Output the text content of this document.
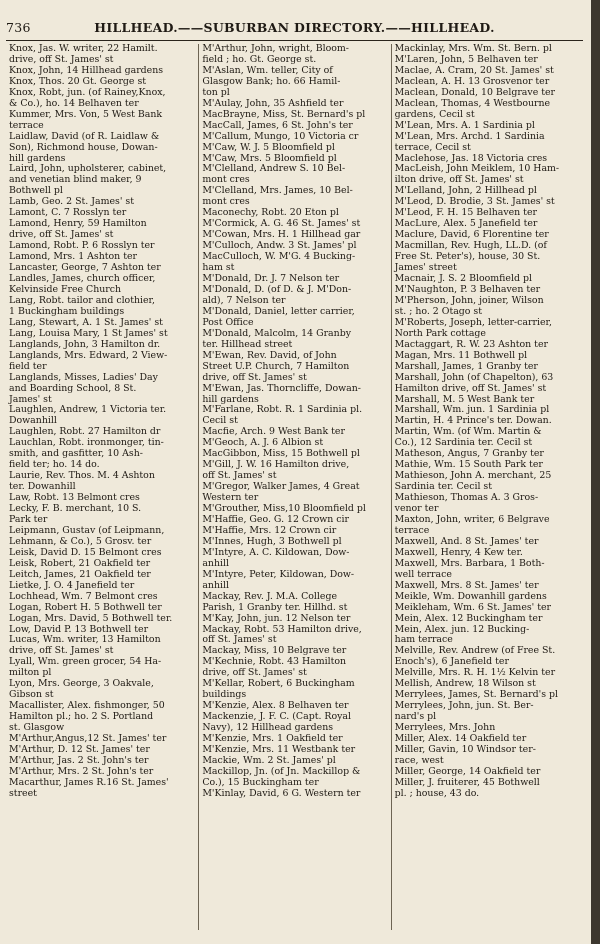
736	HILLHEAD.——SUBURBAN DIRECTORY.——HILLHEAD.
Knox, Jas. W. writer, 22 Hamilt.
drive, off St. James' st
Knox, John, 14 Hillhead gardens
Knox, Thos. 20 Gt. George st
Knox, Robt, jun. (of Rainey,Knox,
& Co.), ho. 14 Belhaven ter
Kummer, Mrs. Von, 5 West Bank
terrace
Laidlaw, David (of R. Laidlaw &
Son), Richmond house, Dowan-
hill gardens
Laird, John, upholsterer, cabinet,
and venetian blind maker, 9
Bothwell pl
Lamb, Geo. 2 St. James' st
Lamont, C. 7 Rosslyn ter
Lamond, Henry, 59 Hamilton
drive, off St. James' st
Lamond, Robt. P. 6 Rosslyn ter
Lamond, Mrs. 1 Ashton ter
Lancaster, George, 7 Ashton ter
Landles, James, church officer,
Kelvinside Free Church
Lang, Robt. tailor and clothier,
1 Buckingham buildings
Lang, Stewart, A. 1 St. James' st
Lang, Louisa Mary, 1 St James' st
Langlands, John, 3 Hamilton dr.
Langlands, Mrs. Edward, 2 View-
field ter
Langlands, Misses, Ladies' Day
and Boarding School, 8 St.
James' st
Laughlen, Andrew, 1 Victoria ter.
Dowanhill
Laughlen, Robt. 27 Hamilton dr
Lauchlan, Robt. ironmonger, tin-
smith, and gasfitter, 10 Ash-
field ter; ho. 14 do.
Laurie, Rev. Thos. M. 4 Ashton
ter. Dowanhill
Law, Robt. 13 Belmont cres
Lecky, F. B. merchant, 10 S.
Park ter
Leipmann, Gustav (of Leipmann,
Lehmann, & Co.), 5 Grosv. ter
Leisk, David D. 15 Belmont cres
Leisk, Robert, 21 Oakfield ter
Leitch, James, 21 Oakfield ter
Lietke, J. O. 4 Janefield ter
Lochhead, Wm. 7 Belmont cres
Logan, Robert H. 5 Bothwell ter
Logan, Mrs. David, 5 Bothwell ter.
Low, David P. 13 Bothwell ter
Lucas, Wm. writer, 13 Hamilton
drive, off St. James' st
Lyall, Wm. green grocer, 54 Ha-
milton pl
Lyon, Mrs. George, 3 Oakvale,
Gibson st
Macallister, Alex. fishmonger, 50
Hamilton pl.; ho. 2 S. Portland
st. Glasgow
M'Arthur,Angus,12 St. James' ter
M'Arthur, D. 12 St. James' ter
M'Arthur, Jas. 2 St. John's ter
M'Arthur, Mrs. 2 St. John's ter
Macarthur, James R.16 St. James'
street
M'Arthur, John, wright, Bloom-
field ; ho. Gt. George st.
M'Aslan, Wm. teller, City of
Glasgow Bank; ho. 66 Hamil-
ton pl
M'Aulay, John, 35 Ashfield ter
MacBrayne, Miss, St. Bernard's pl
MacCall, James, 6 St. John's ter
M'Callum, Mungo, 10 Victoria cr
M'Caw, W. J. 5 Bloomfield pl
M'Caw, Mrs. 5 Bloomfield pl
M'Clelland, Andrew S. 10 Bel-
mont cres
M'Clelland, Mrs. James, 10 Bel-
mont cres
Maconechy, Robt. 20 Eton pl
M'Cormick, A. G. 46 St. James' st
M'Cowan, Mrs. H. 1 Hillhead gar
M'Culloch, Andw. 3 St. James' pl
MacCulloch, W. M'G. 4 Bucking-
ham st
M'Donald, Dr. J. 7 Nelson ter
M'Donald, D. (of D. & J. M'Don-
ald), 7 Nelson ter
M'Donald, Daniel, letter carrier,
Post Office
M'Donald, Malcolm, 14 Granby
ter. Hillhead street
M'Ewan, Rev. David, of John
Street U.P. Church, 7 Hamilton
drive, off St. James' st
M'Ewan, Jas. Thorncliffe, Dowan-
hill gardens
M'Farlane, Robt. R. 1 Sardinia pl.
Cecil st
Macfie, Arch. 9 West Bank ter
M'Geoch, A. J. 6 Albion st
MacGibbon, Miss, 15 Bothwell pl
M'Gill, J. W. 16 Hamilton drive,
off St. James' st
M'Gregor, Walker James, 4 Great
Western ter
M'Grouther, Miss,10 Bloomfield pl
M'Haffie, Geo. G. 12 Crown cir
M'Haffie, Mrs. 12 Crown cir
M'Innes, Hugh, 3 Bothwell pl
M'Intyre, A. C. Kildowan, Dow-
anhill
M'Intyre, Peter, Kildowan, Dow-
anhill
Mackay, Rev. J. M.A. College
Parish, 1 Granby ter. Hillhd. st
M'Kay, John, jun. 12 Nelson ter
Mackay, Robt. 53 Hamilton drive,
off St. James' st
Mackay, Miss, 10 Belgrave ter
M'Kechnie, Robt. 43 Hamilton
drive, off St. James' st
M'Kellar, Robert, 6 Buckingham
buildings
M'Kenzie, Alex. 8 Belhaven ter
Mackenzie, J. F. C. (Capt. Royal
Navy), 12 Hillhead gardens
M'Kenzie, Mrs. 1 Oakfield ter
M'Kenzie, Mrs. 11 Westbank ter
Mackie, Wm. 2 St. James' pl
Mackillop, Jn. (of Jn. Mackillop &
Co.), 15 Buckingham ter
M'Kinlay, David, 6 G. Western ter
Mackinlay, Mrs. Wm. St. Bern. pl
M'Laren, John, 5 Belhaven ter
Maclae, A. Cram, 20 St. James' st
Maclean, A. H. 13 Grosvenor ter
Maclean, Donald, 10 Belgrave ter
Maclean, Thomas, 4 Westbourne
gardens, Cecil st
M'Lean, Mrs. A. 1 Sardinia pl
M'Lean, Mrs. Archd. 1 Sardinia
terrace, Cecil st
Maclehose, Jas. 18 Victoria cres
MacLeish, John Meiklem, 10 Ham-
ilton drive, off St. James' st
M'Lelland, John, 2 Hillhead pl
M'Leod, D. Brodie, 3 St. James' st
M'Leod, F. H. 15 Belhaven ter
MacLure, Alex. 5 Janefield ter
Maclure, David, 6 Florentine ter
Macmillan, Rev. Hugh, LL.D. (of
Free St. Peter's), house, 30 St.
James' street
Macnair, J. S. 2 Bloomfield pl
M'Naughton, P. 3 Belhaven ter
M'Pherson, John, joiner, Wilson
st. ; ho. 2 Otago st
M'Roberts, Joseph, letter-carrier,
North Park cottage
Mactaggart, R. W. 23 Ashton ter
Magan, Mrs. 11 Bothwell pl
Marshall, James, 1 Granby ter
Marshall, John (of Chapelton), 63
Hamilton drive, off St. James' st
Marshall, M. 5 West Bank ter
Marshall, Wm. jun. 1 Sardinia pl
Martin, H. 4 Prince's ter. Dowan.
Martin, Wm. (of Wm. Martin &
Co.), 12 Sardinia ter. Cecil st
Matheson, Angus, 7 Granby ter
Mathie, Wm. 15 South Park ter
Mathieson, John A. merchant, 25
Sardinia ter. Cecil st
Mathieson, Thomas A. 3 Gros-
venor ter
Maxton, John, writer, 6 Belgrave
terrace
Maxwell, And. 8 St. James' ter
Maxwell, Henry, 4 Kew ter.
Maxwell, Mrs. Barbara, 1 Both-
well terrace
Maxwell, Mrs. 8 St. James' ter
Meikle, Wm. Dowanhill gardens
Meikleham, Wm. 6 St. James' ter
Mein, Alex. 12 Buckingham ter
Mein, Alex. jun. 12 Bucking-
ham terrace
Melville, Rev. Andrew (of Free St.
Enoch's), 6 Janefield ter
Melville, Mrs. R. H. 1½ Kelvin ter
Mellish, Andrew, 18 Wilson st
Merrylees, James, St. Bernard's pl
Merrylees, John, jun. St. Ber-
nard's pl
Merrylees, Mrs. John
Miller, Alex. 14 Oakfield ter
Miller, Gavin, 10 Windsor ter-
race, west
Miller, George, 14 Oakfield ter
Miller, J. fruiterer, 45 Bothwell
pl. ; house, 43 do.
